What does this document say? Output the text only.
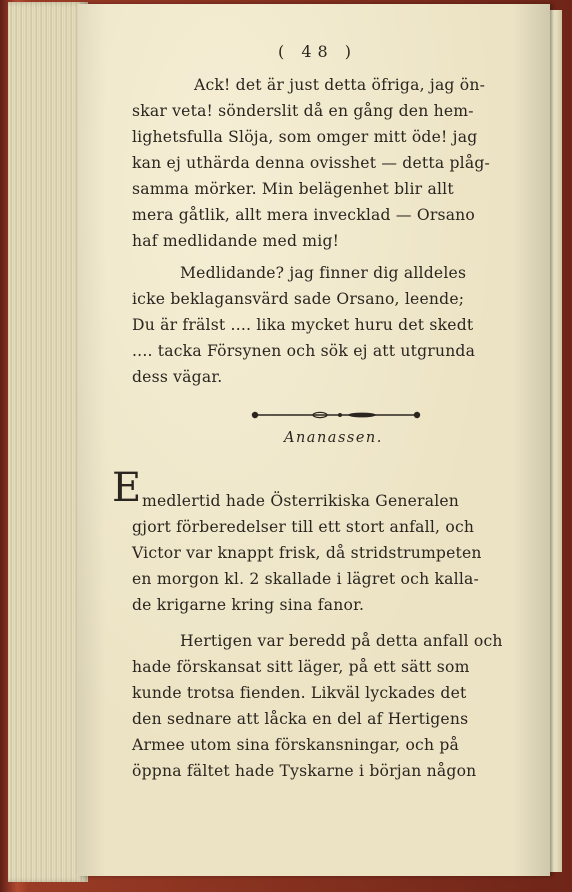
( 48 )
Ack! det är just detta öfriga, jag ön-
skar veta! sönderslit då en gång den hem-
lighetsfulla Slöja, som omger mitt öde! jag
kan ej uthärda denna ovisshet — detta plåg-
samma mörker. Min belägenhet blir allt
mera gåtlik, allt mera invecklad — Orsano
haf medlidande med mig!
Medlidande? jag finner dig alldeles
icke beklagansvärd sade Orsano, leende;
Du är frälst .... lika mycket huru det skedt
.... tacka Försynen och sök ej att utgrunda
dess vägar.
Ananassen.
E medlertid hade Österrikiska Generalen
gjort förberedelser till ett stort anfall, och
Victor var knappt frisk, då stridstrumpeten
en morgon kl. 2 skallade i lägret och kalla-
de krigarne kring sina fanor.
Hertigen var beredd på detta anfall och
hade förskansat sitt läger, på ett sätt som
kunde trotsa fienden. Likväl lyckades det
den sednare att låcka en del af Hertigens
Armee utom sina förskansningar, och på
öppna fältet hade Tyskarne i början någon
